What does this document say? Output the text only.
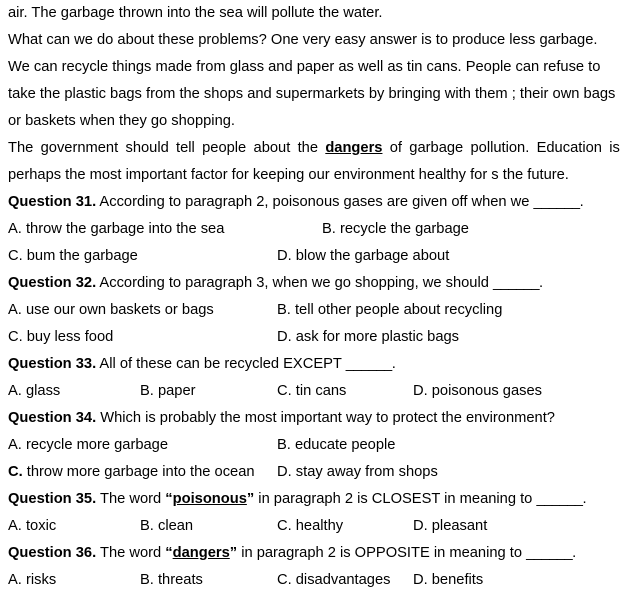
air. The garbage thrown into the sea will pollute the water.
What can we do about these problems? One very easy answer is to produce less garbage.
We can recycle things made from glass and paper as well as tin cans. People can refuse to
take the plastic bags from the shops and supermarkets by bringing with them ; their own bags
or baskets when they go shopping.
The government should tell people about the dangers of garbage pollution. Education is
perhaps the most important factor for keeping our environment healthy for s the future.
Question 31. According to paragraph 2, poisonous gases are given off when we ______.
A. throw the garbage into the sea	B. recycle the garbage
C. bum the garbage	D. blow the garbage about
Question 32. According to paragraph 3, when we go shopping, we should ______.
A. use our own baskets or bags	B. tell other people about recycling
C. buy less food	D. ask for more plastic bags
Question 33. All of these can be recycled EXCEPT ______.
A. glass	B. paper	C. tin cans	D. poisonous gases
Question 34. Which is probably the most important way to protect the environment?
A. recycle more garbage	B. educate people
C. throw more garbage into the ocean D. stay away from shops
Question 35. The word “poisonous” in paragraph 2 is CLOSEST in meaning to ______.
A. toxic	B. clean	C. healthy	D. pleasant
Question 36. The word “dangers” in paragraph 2 is OPPOSITE in meaning to ______.
A. risks	B. threats	C. disadvantages D. benefits
